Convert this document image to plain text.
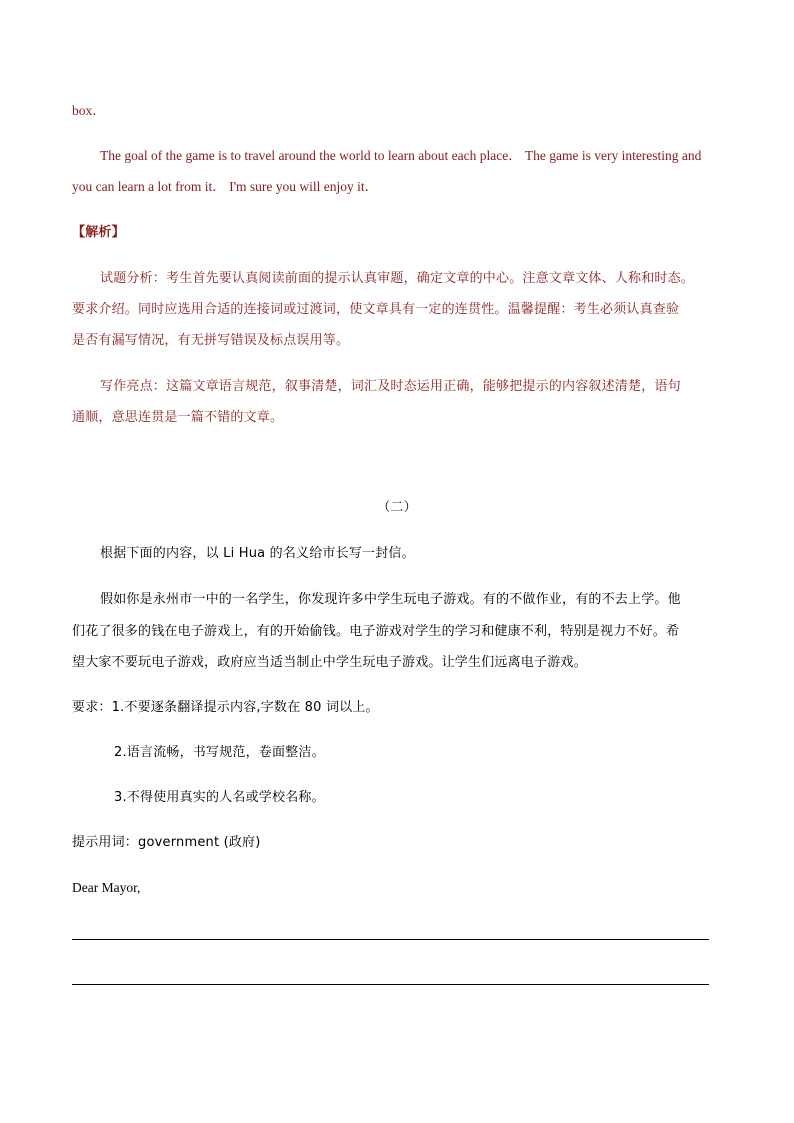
box．
The goal of the game is to travel around the world to learn about each place． The game is very interesting and
you can learn a lot from it． I'm sure you will enjoy it．
【解析】
试题分析：考生首先要认真阅读前面的提示认真审题，确定文章的中心。注意文章文体、人称和时态。
要求介绍。同时应选用合适的连接词或过渡词，使文章具有一定的连贯性。温馨提醒：考生必须认真查验
是否有漏写情况，有无拼写错误及标点误用等。
写作亮点：这篇文章语言规范，叙事清楚，词汇及时态运用正确，能够把提示的内容叙述清楚，语句
通顺，意思连贯是一篇不错的文章。
（二）
根据下面的内容，以 Li Hua 的名义给市长写一封信。
假如你是永州市一中的一名学生，你发现许多中学生玩电子游戏。有的不做作业，有的不去上学。他
们花了很多的钱在电子游戏上，有的开始偷钱。电子游戏对学生的学习和健康不利，特别是视力不好。希
望大家不要玩电子游戏，政府应当适当制止中学生玩电子游戏。让学生们远离电子游戏。
要求：1.不要逐条翻译提示内容,字数在 80 词以上。
2.语言流畅，书写规范，卷面整洁。
3.不得使用真实的人名或学校名称。
提示用词：government (政府)
Dear Mayor,
